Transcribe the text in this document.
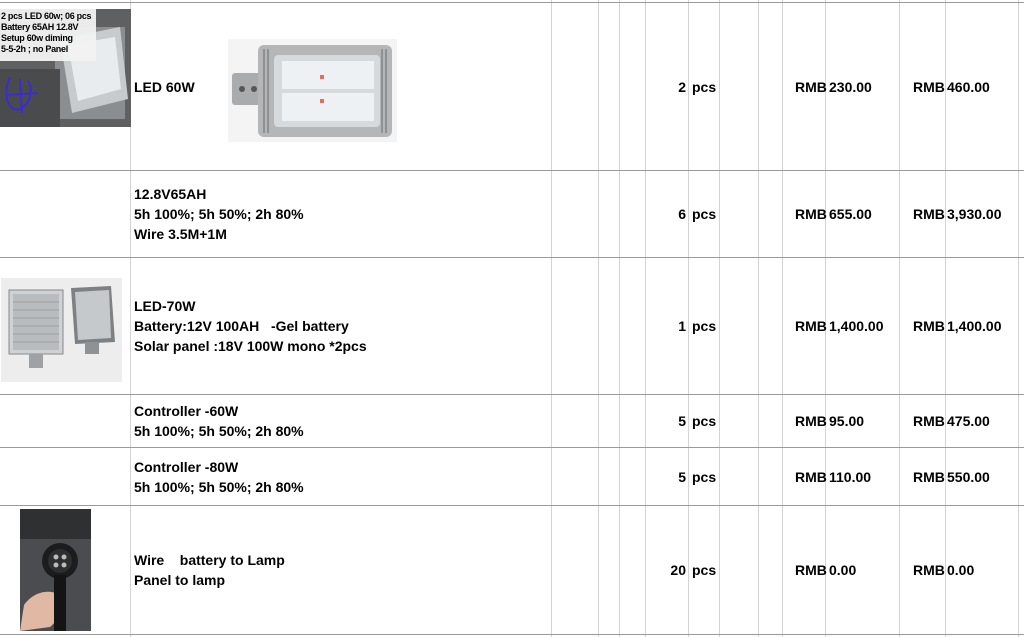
2 pcs LED 60w; 06 pcs
Battery 65AH 12.8V
Setup 60w diming
5-5-2h ; no Panel
LED 60W	2 pcs	RMB 230.00	RMB 460.00
12.8V65AH
5h 100%; 5h 50%; 2h 80%
Wire 3.5M+1M
6 pcs	RMB 655.00	RMB 3,930.00
LED-70W
Battery:12V 100AH   -Gel battery
Solar panel :18V 100W mono *2pcs
1 pcs	RMB 1,400.00 RMB 1,400.00
Controller -60W
5h 100%; 5h 50%; 2h 80%
5 pcs	RMB 95.00	RMB 475.00
Controller -80W
5h 100%; 5h 50%; 2h 80%
5 pcs	RMB 110.00	RMB 550.00
Wire    battery to Lamp
Panel to lamp
20 pcs	RMB 0.00	RMB 0.00
